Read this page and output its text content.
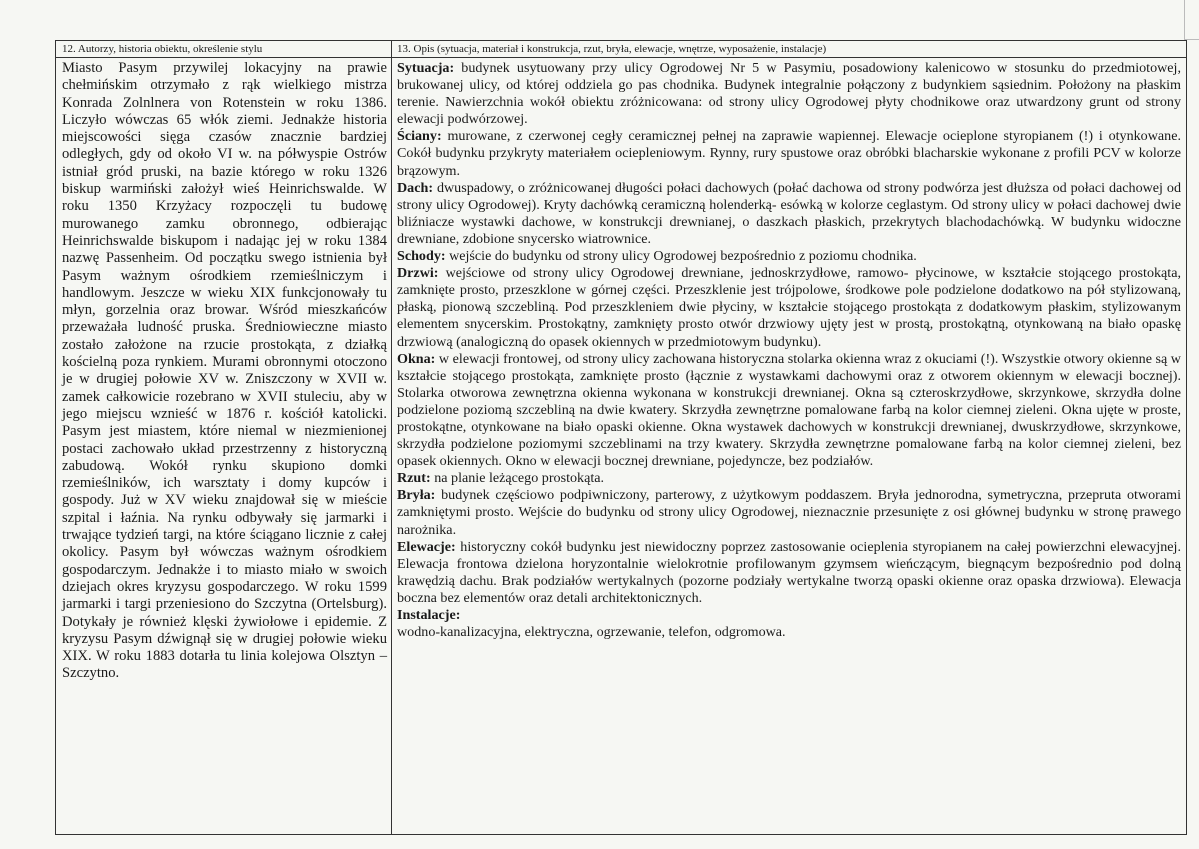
12. Autorzy, historia obiektu, określenie stylu	13. Opis (sytuacja, materiał i konstrukcja, rzut, bryła, elewacje, wnętrze, wyposażenie, instalacje)
Miasto Pasym przywilej lokacyjny na prawie chełmińskim otrzymało z rąk wielkiego mistrza Konrada Zolnlnera von Rotenstein w roku 1386. Liczyło wówczas 65 włók ziemi. Jednakże historia miejscowości sięga czasów znacznie bardziej odległych, gdy od około VI w. na półwyspie Ostrów istniał gród pruski, na bazie którego w roku 1326 biskup warmiński założył wieś Heinrichswalde. W roku 1350 Krzyżacy rozpoczęli tu budowę murowanego zamku obronnego, odbierając Heinrichswalde biskupom i nadając jej w roku 1384 nazwę Passenheim. Od początku swego istnienia był Pasym ważnym ośrodkiem rzemieślniczym i handlowym. Jeszcze w wieku XIX funkcjonowały tu młyn, gorzelnia oraz browar. Wśród mieszkańców przeważała ludność pruska. Średniowieczne miasto zostało założone na rzucie prostokąta, z działką kościelną poza rynkiem. Murami obronnymi otoczono je w drugiej połowie XV w. Zniszczony w XVII w. zamek całkowicie rozebrano w XVII stuleciu, aby w jego miejscu wznieść w 1876 r. kościół katolicki. Pasym jest miastem, które niemal w niezmienionej postaci zachowało układ przestrzenny z historyczną zabudową. Wokół rynku skupiono domki rzemieślników, ich warsztaty i domy kupców i gospody. Już w XV wieku znajdował się w mieście szpital i łaźnia. Na rynku odbywały się jarmarki i trwające tydzień targi, na które ściągano licznie z całej okolicy. Pasym był wówczas ważnym ośrodkiem gospodarczym. Jednakże i to miasto miało w swoich dziejach okres kryzysu gospodarczego. W roku 1599 jarmarki i targi przeniesiono do Szczytna (Ortelsburg). Dotykały je również klęski żywiołowe i epidemie. Z kryzysu Pasym dźwignął się w drugiej połowie wieku XIX. W roku 1883 dotarła tu linia kolejowa Olsztyn – Szczytno.

Sytuacja: budynek usytuowany przy ulicy Ogrodowej Nr 5 w Pasymiu, posadowiony kalenicowo w stosunku do przedmiotowej, brukowanej ulicy, od której oddziela go pas chodnika. Budynek integralnie połączony z budynkiem sąsiednim. Położony na płaskim terenie. Nawierzchnia wokół obiektu zróżnicowana: od strony ulicy Ogrodowej płyty chodnikowe oraz utwardzony grunt od strony elewacji podwórzowej.

Ściany: murowane, z czerwonej cegły ceramicznej pełnej na zaprawie wapiennej. Elewacje ocieplone styropianem (!) i otynkowane. Cokół budynku przykryty materiałem ociepleniowym. Rynny, rury spustowe oraz obróbki blacharskie wykonane z profili PCV w kolorze brązowym.

Dach: dwuspadowy, o zróżnicowanej długości połaci dachowych (połać dachowa od strony podwórza jest dłuższa od połaci dachowej od strony ulicy Ogrodowej). Kryty dachówką ceramiczną holenderką- esówką w kolorze ceglastym. Od strony ulicy w połaci dachowej dwie bliźniacze wystawki dachowe, w konstrukcji drewnianej, o daszkach płaskich, przekrytych blachodachówką. W budynku widoczne drewniane, zdobione snycersko wiatrownice.

Schody: wejście do budynku od strony ulicy Ogrodowej bezpośrednio z poziomu chodnika.

Drzwi: wejściowe od strony ulicy Ogrodowej drewniane, jednoskrzydłowe, ramowo- płycinowe, w kształcie stojącego prostokąta, zamknięte prosto, przeszklone w górnej części. Przeszklenie jest trójpolowe, środkowe pole podzielone dodatkowo na pół stylizowaną, płaską, pionową szczebliną. Pod przeszkleniem dwie płyciny, w kształcie stojącego prostokąta z dodatkowym płaskim, stylizowanym elementem snycerskim. Prostokątny, zamknięty prosto otwór drzwiowy ujęty jest w prostą, prostokątną, otynkowaną na biało opaskę drzwiową (analogiczną do opasek okiennych w przedmiotowym budynku).

Okna: w elewacji frontowej, od strony ulicy zachowana historyczna stolarka okienna wraz z okuciami (!). Wszystkie otwory okienne są w kształcie stojącego prostokąta, zamknięte prosto (łącznie z wystawkami dachowymi oraz z otworem okiennym w elewacji bocznej). Stolarka otworowa zewnętrzna okienna wykonana w konstrukcji drewnianej. Okna są czteroskrzydłowe, skrzynkowe, skrzydła dolne podzielone poziomą szczebliną na dwie kwatery. Skrzydła zewnętrzne pomalowane farbą na kolor ciemnej zieleni. Okna ujęte w proste, prostokątne, otynkowane na biało opaski okienne. Okna wystawek dachowych w konstrukcji drewnianej, dwuskrzydłowe, skrzynkowe, skrzydła podzielone poziomymi szczeblinami na trzy kwatery. Skrzydła zewnętrzne pomalowane farbą na kolor ciemnej zieleni, bez opasek okiennych. Okno w elewacji bocznej drewniane, pojedyncze, bez podziałów.

Rzut: na planie leżącego prostokąta.

Bryła: budynek częściowo podpiwniczony, parterowy, z użytkowym poddaszem. Bryła jednorodna, symetryczna, przepruta otworami zamkniętymi prosto. Wejście do budynku od strony ulicy Ogrodowej, nieznacznie przesunięte z osi głównej budynku w stronę prawego narożnika.

Elewacje: historyczny cokół budynku jest niewidoczny poprzez zastosowanie ocieplenia styropianem na całej powierzchni elewacyjnej. Elewacja frontowa dzielona horyzontalnie wielokrotnie profilowanym gzymsem wieńczącym, biegnącym bezpośrednio pod dolną krawędzią dachu. Brak podziałów wertykalnych (pozorne podziały wertykalne tworzą opaski okienne oraz opaska drzwiowa). Elewacja boczna bez elementów oraz detali architektonicznych.

Instalacje:

wodno-kanalizacyjna, elektryczna, ogrzewanie, telefon, odgromowa.
